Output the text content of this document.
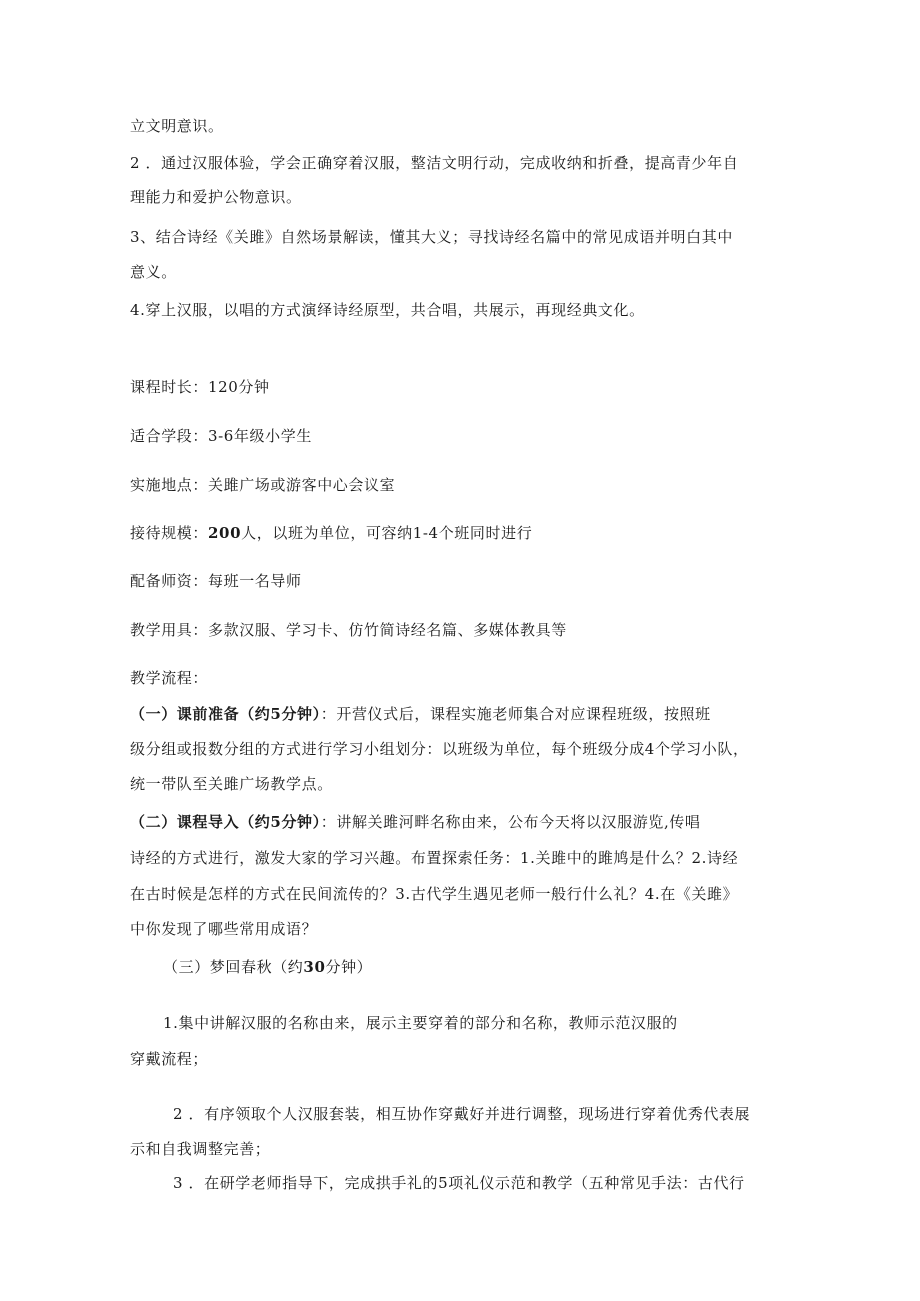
立文明意识。
2 ．通过汉服体验，学会正确穿着汉服，整洁文明行动，完成收纳和折叠，提高青少年自
理能力和爱护公物意识。
3、结合诗经《关雎》自然场景解读，懂其大义；寻找诗经名篇中的常见成语并明白其中
意义。
4.穿上汉服，以唱的方式演绎诗经原型，共合唱，共展示，再现经典文化。
课程时长：120分钟
适合学段：3-6年级小学生
实施地点：关雎广场或游客中心会议室
接待规模：200人，以班为单位，可容纳1-4个班同时进行
配备师资：每班一名导师
教学用具：多款汉服、学习卡、仿竹简诗经名篇、多媒体教具等
教学流程：
（一）课前准备（约5分钟）：开营仪式后，课程实施老师集合对应课程班级，按照班
级分组或报数分组的方式进行学习小组划分：以班级为单位，每个班级分成4个学习小队，
统一带队至关雎广场教学点。
（二）课程导入（约5分钟）：讲解关雎河畔名称由来，公布今天将以汉服游览,传唱
诗经的方式进行，激发大家的学习兴趣。布置探索任务：1.关雎中的雎鸠是什么？2.诗经
在古时候是怎样的方式在民间流传的？3.古代学生遇见老师一般行什么礼？4.在《关雎》
中你发现了哪些常用成语？
（三）梦回春秋（约30分钟）
1.集中讲解汉服的名称由来，展示主要穿着的部分和名称，教师示范汉服的
穿戴流程；
2 ．有序领取个人汉服套装，相互协作穿戴好并进行调整，现场进行穿着优秀代表展
示和自我调整完善；
3 ．在研学老师指导下，完成拱手礼的5项礼仪示范和教学（五种常见手法：古代行
